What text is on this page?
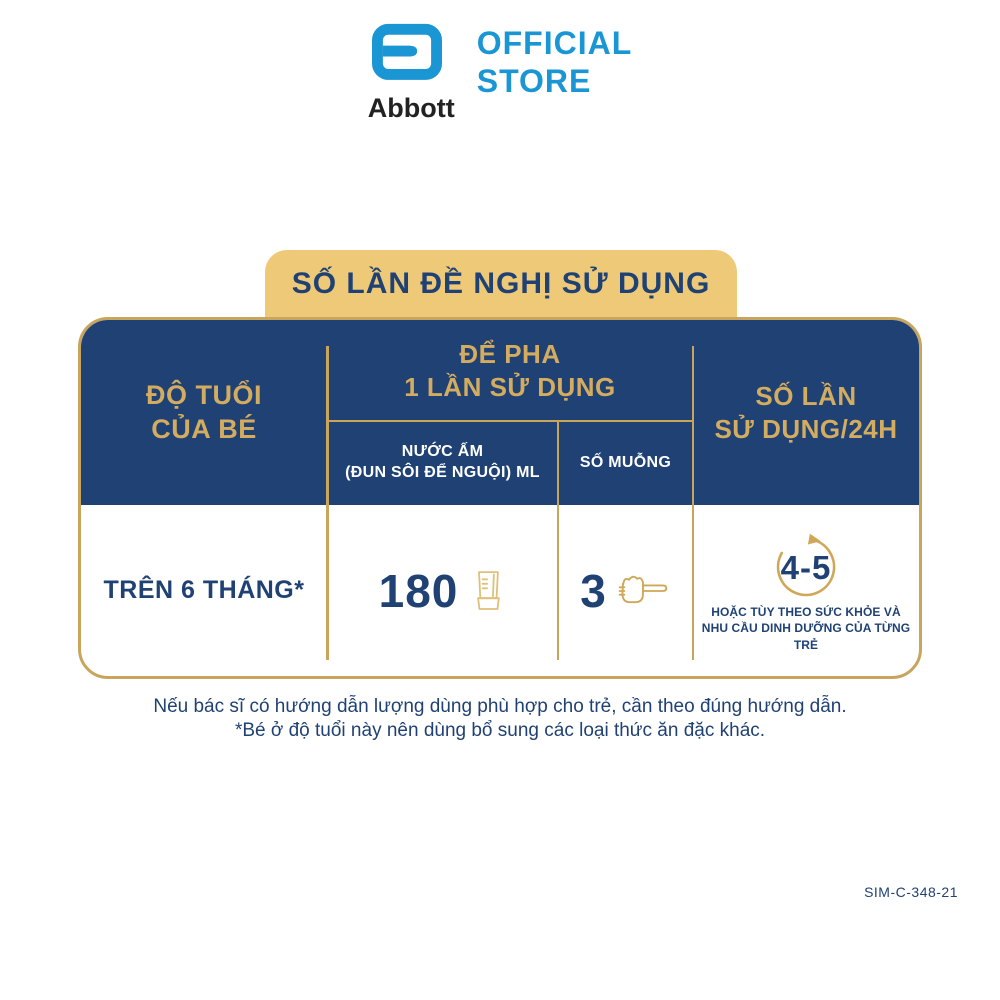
Abbott
OFFICIAL
STORE
SỐ LẦN ĐỀ NGHỊ SỬ DỤNG
ĐỘ TUỔI
CỦA BÉ
ĐỂ PHA
1 LẦN SỬ DỤNG
NƯỚC ẤM
(ĐUN SÔI ĐỂ NGUỘI) ML
SỐ MUỖNG
SỐ LẦN
SỬ DỤNG/24H
TRÊN 6 THÁNG* 180	3	4-5
HOẶC TÙY THEO SỨC KHỎE VÀ
NHU CẦU DINH DƯỠNG CỦA TỪNG TRẺ
Nếu bác sĩ có hướng dẫn lượng dùng phù hợp cho trẻ, cần theo đúng hướng dẫn.
*Bé ở độ tuổi này nên dùng bổ sung các loại thức ăn đặc khác.
SIM-C-348-21
